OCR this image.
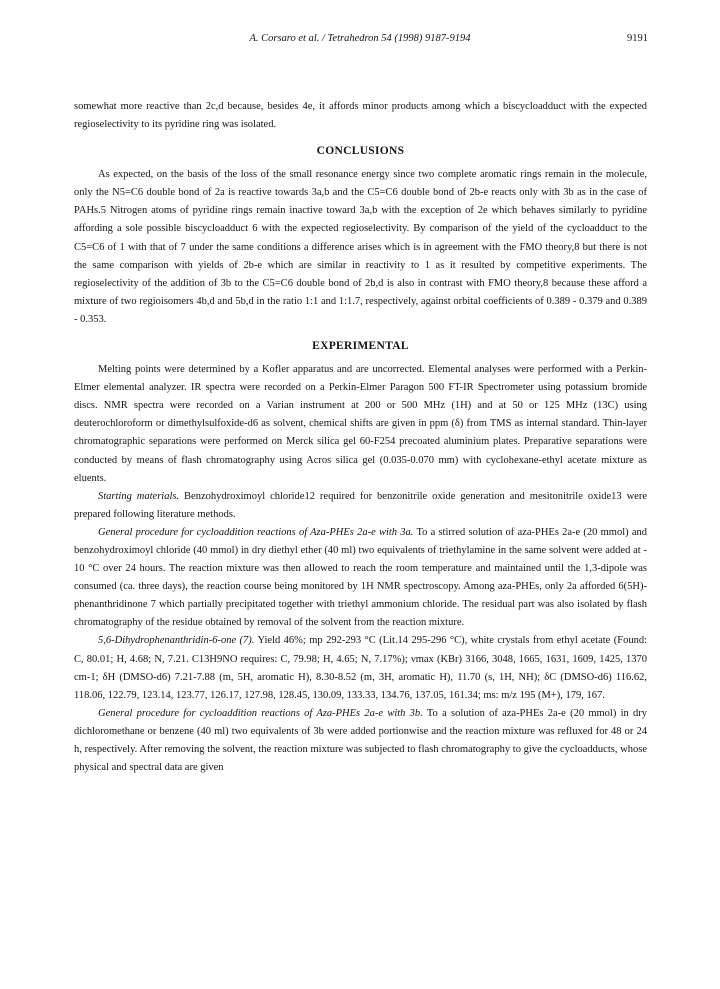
A. Corsaro et al. / Tetrahedron 54 (1998) 9187-9194	9191

somewhat more reactive than 2c,d because, besides 4e, it affords minor products among which a biscycloadduct with the expected regioselectivity to its pyridine ring was isolated.

CONCLUSIONS

As expected, on the basis of the loss of the small resonance energy since two complete aromatic rings remain in the molecule, only the N5=C6 double bond of 2a is reactive towards 3a,b and the C5=C6 double bond of 2b-e reacts only with 3b as in the case of PAHs.5 Nitrogen atoms of pyridine rings remain inactive toward 3a,b with the exception of 2e which behaves similarly to pyridine affording a sole possible biscycloadduct 6 with the expected regioselectivity. By comparison of the yield of the cycloadduct to the C5=C6 of 1 with that of 7 under the same conditions a difference arises which is in agreement with the FMO theory,8 but there is not the same comparison with yields of 2b-e which are similar in reactivity to 1 as it resulted by competitive experiments. The regioselectivity of the addition of 3b to the C5=C6 double bond of 2b,d is also in contrast with FMO theory,8 because these afford a mixture of two regioisomers 4b,d and 5b,d in the ratio 1:1 and 1:1.7, respectively, against orbital coefficients of 0.389 - 0.379 and 0.389 - 0.353.

EXPERIMENTAL

Melting points were determined by a Kofler apparatus and are uncorrected. Elemental analyses were performed with a Perkin-Elmer elemental analyzer. IR spectra were recorded on a Perkin-Elmer Paragon 500 FT-IR Spectrometer using potassium bromide discs. NMR spectra were recorded on a Varian instrument at 200 or 500 MHz (1H) and at 50 or 125 MHz (13C) using deuterochloroform or dimethylsulfoxide-d6 as solvent, chemical shifts are given in ppm (δ) from TMS as internal standard. Thin-layer chromatographic separations were performed on Merck silica gel 60-F254 precoated aluminium plates. Preparative separations were conducted by means of flash chromatography using Acros silica gel (0.035-0.070 mm) with cyclohexane-ethyl acetate mixture as eluents.

Starting materials. Benzohydroximoyl chloride12 required for benzonitrile oxide generation and mesitonitrile oxide13 were prepared following literature methods.

General procedure for cycloaddition reactions of Aza-PHEs 2a-e with 3a. To a stirred solution of aza-PHEs 2a-e (20 mmol) and benzohydroximoyl chloride (40 mmol) in dry diethyl ether (40 ml) two equivalents of triethylamine in the same solvent were added at - 10 °C over 24 hours. The reaction mixture was then allowed to reach the room temperature and maintained until the 1,3-dipole was consumed (ca. three days), the reaction course being monitored by 1H NMR spectroscopy. Among aza-PHEs, only 2a afforded 6(5H)-phenanthridinone 7 which partially precipitated together with triethyl ammonium chloride. The residual part was also isolated by flash chromatography of the residue obtained by removal of the solvent from the reaction mixture.

5,6-Dihydrophenanthridin-6-one (7). Yield 46%; mp 292-293 °C (Lit.14 295-296 °C), white crystals from ethyl acetate (Found: C, 80.01; H, 4.68; N, 7.21. C13H9NO requires: C, 79.98; H, 4.65; N, 7.17%); νmax (KBr) 3166, 3048, 1665, 1631, 1609, 1425, 1370 cm-1; δH (DMSO-d6) 7.21-7.88 (m, 5H, aromatic H), 8.30-8.52 (m, 3H, aromatic H), 11.70 (s, 1H, NH); δC (DMSO-d6) 116.62, 118.06, 122.79, 123.14, 123.77, 126.17, 127.98, 128.45, 130.09, 133.33, 134.76, 137.05, 161.34; ms: m/z 195 (M+), 179, 167.

General procedure for cycloaddition reactions of Aza-PHEs 2a-e with 3b. To a solution of aza-PHEs 2a-e (20 mmol) in dry dichloromethane or benzene (40 ml) two equivalents of 3b were added portionwise and the reaction mixture was refluxed for 48 or 24 h, respectively. After removing the solvent, the reaction mixture was subjected to flash chromatography to give the cycloadducts, whose physical and spectral data are given
